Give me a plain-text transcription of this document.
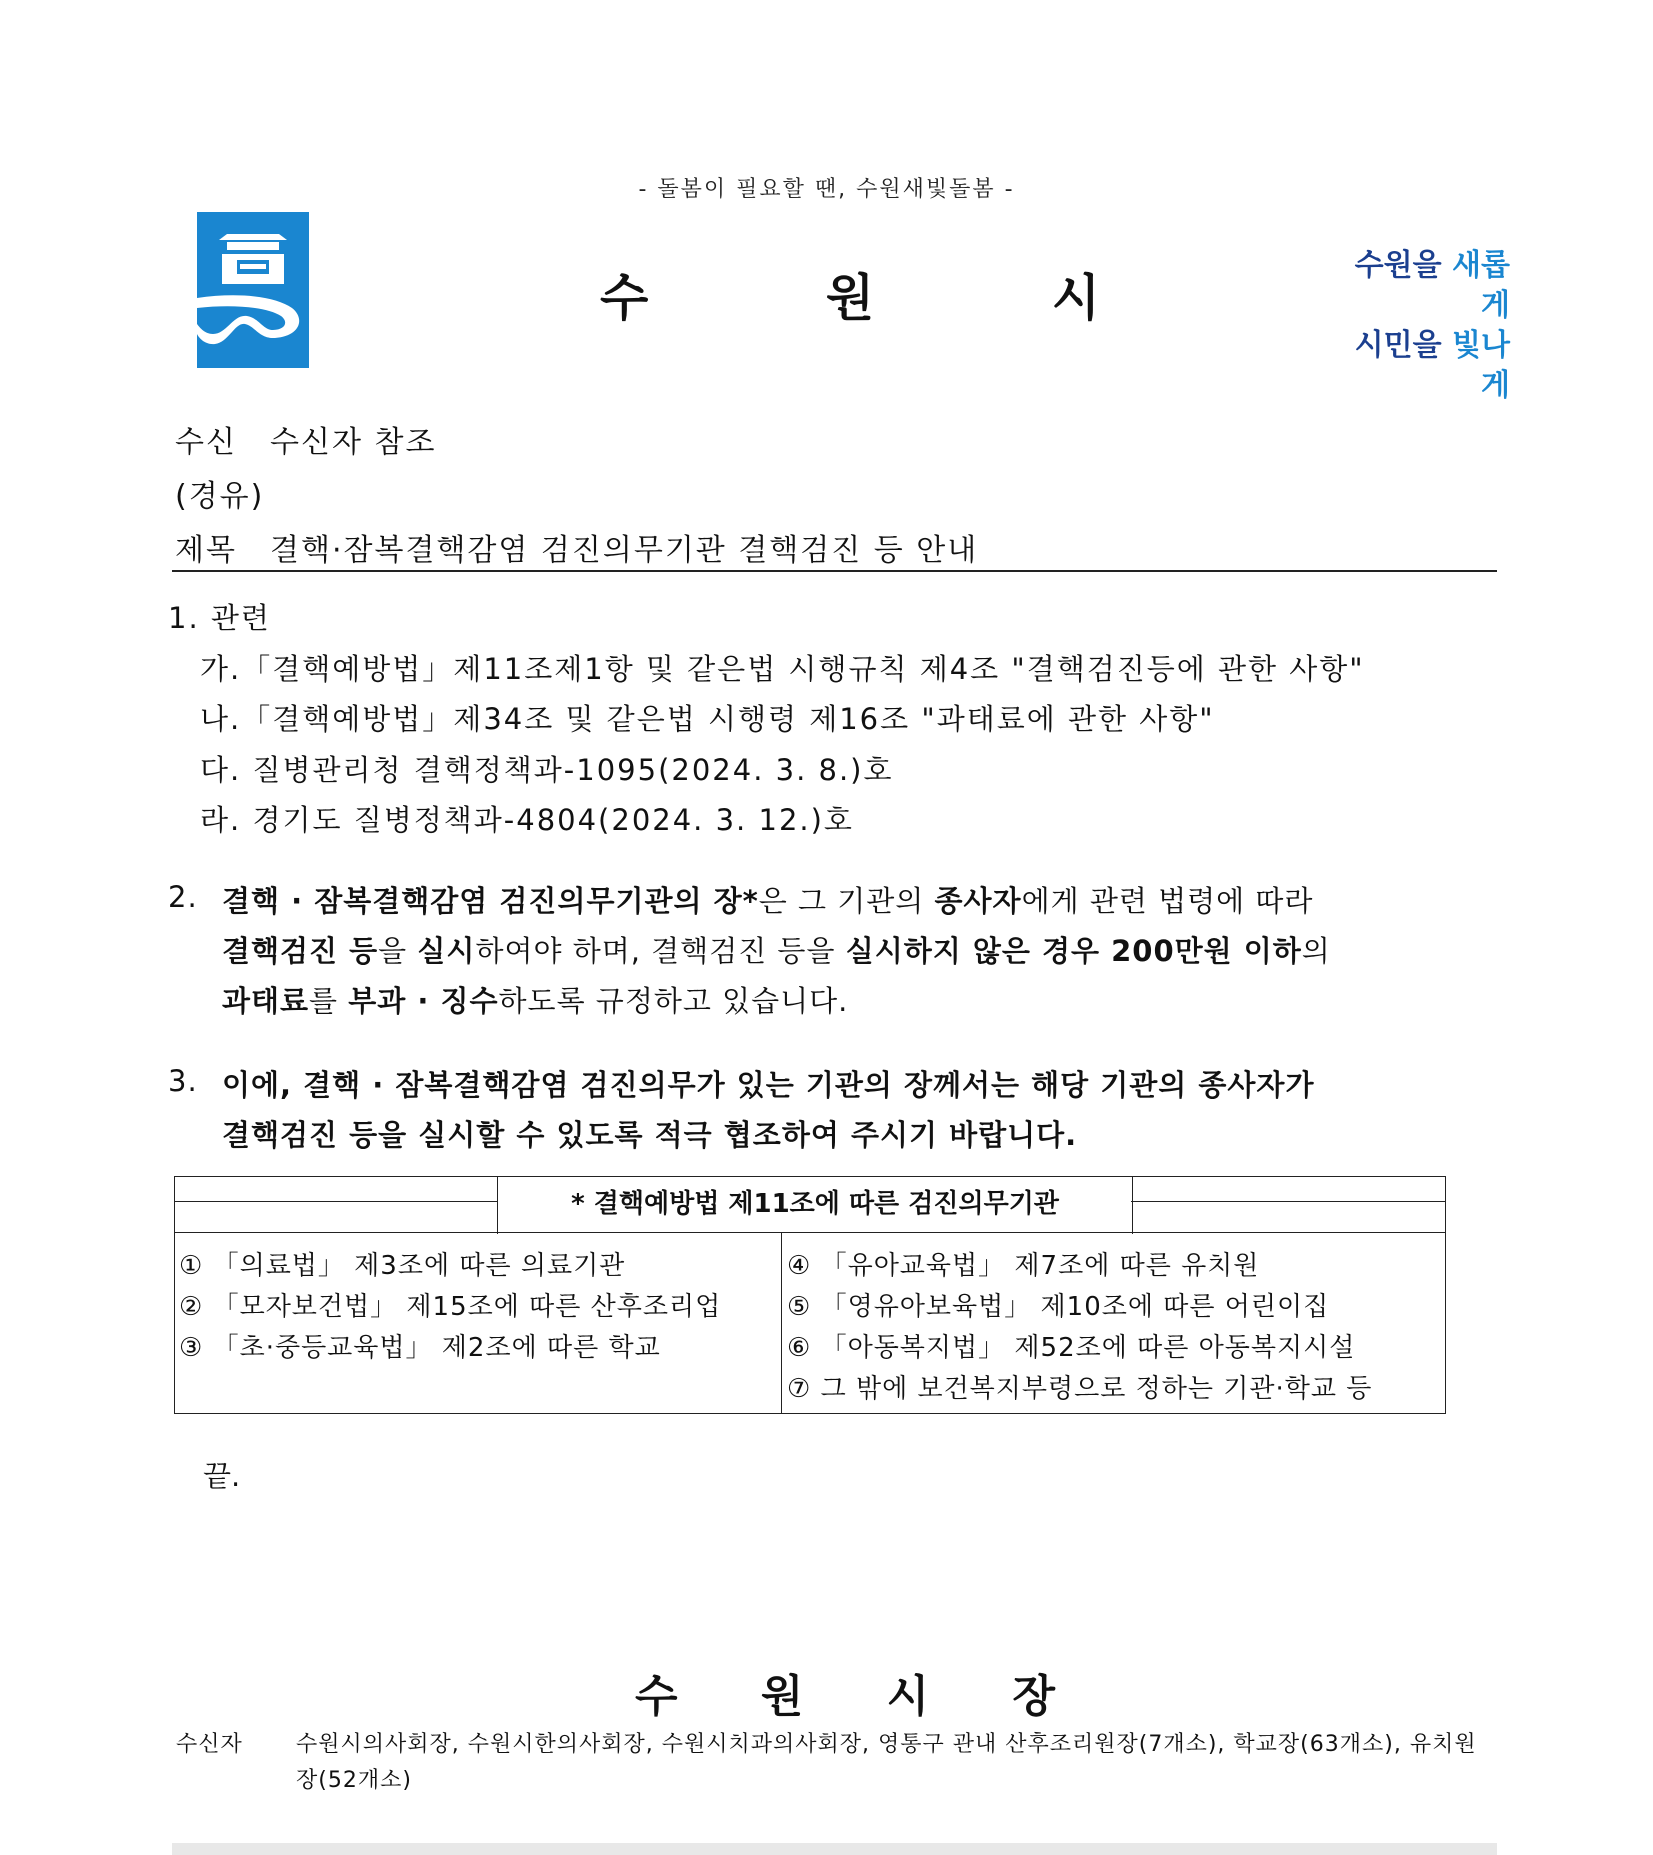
- 돌봄이 필요할 땐, 수원새빛돌봄 -
수	원	시
수원을 새롭게
시민을 빛나게
수신 수신자 참조
(경유)
제목 결핵·잠복결핵감염 검진의무기관 결핵검진 등 안내
1. 관련
가.「결핵예방법」제11조제1항 및 같은법 시행규칙 제4조 "결핵검진등에 관한 사항"
나.「결핵예방법」제34조 및 같은법 시행령 제16조 "과태료에 관한 사항"
다. 질병관리청 결핵정책과-1095(2024. 3. 8.)호
라. 경기도 질병정책과-4804(2024. 3. 12.)호
2. 결핵 · 잠복결핵감염 검진의무기관의 장*은 그 기관의 종사자에게 관련 법령에 따라
결핵검진 등을 실시하여야 하며, 결핵검진 등을 실시하지 않은 경우 200만원 이하의
과태료를 부과 · 징수하도록 규정하고 있습니다.
3. 이에, 결핵 · 잠복결핵감염 검진의무가 있는 기관의 장께서는 해당 기관의 종사자가
결핵검진 등을 실시할 수 있도록 적극 협조하여 주시기 바랍니다.
* 결핵예방법 제11조에 따른 검진의무기관
① 「의료법」 제3조에 따른 의료기관
② 「모자보건법」 제15조에 따른 산후조리업
③ 「초·중등교육법」 제2조에 따른 학교
④ 「유아교육법」 제7조에 따른 유치원
⑤ 「영유아보육법」 제10조에 따른 어린이집
⑥ 「아동복지법」 제52조에 따른 아동복지시설
⑦ 그 밖에 보건복지부령으로 정하는 기관·학교 등
끝.
수 원 시 장
수신자 수원시의사회장, 수원시한의사회장, 수원시치과의사회장, 영통구 관내 산후조리원장(7개소), 학교장(63개소), 유치원장(52개소)
